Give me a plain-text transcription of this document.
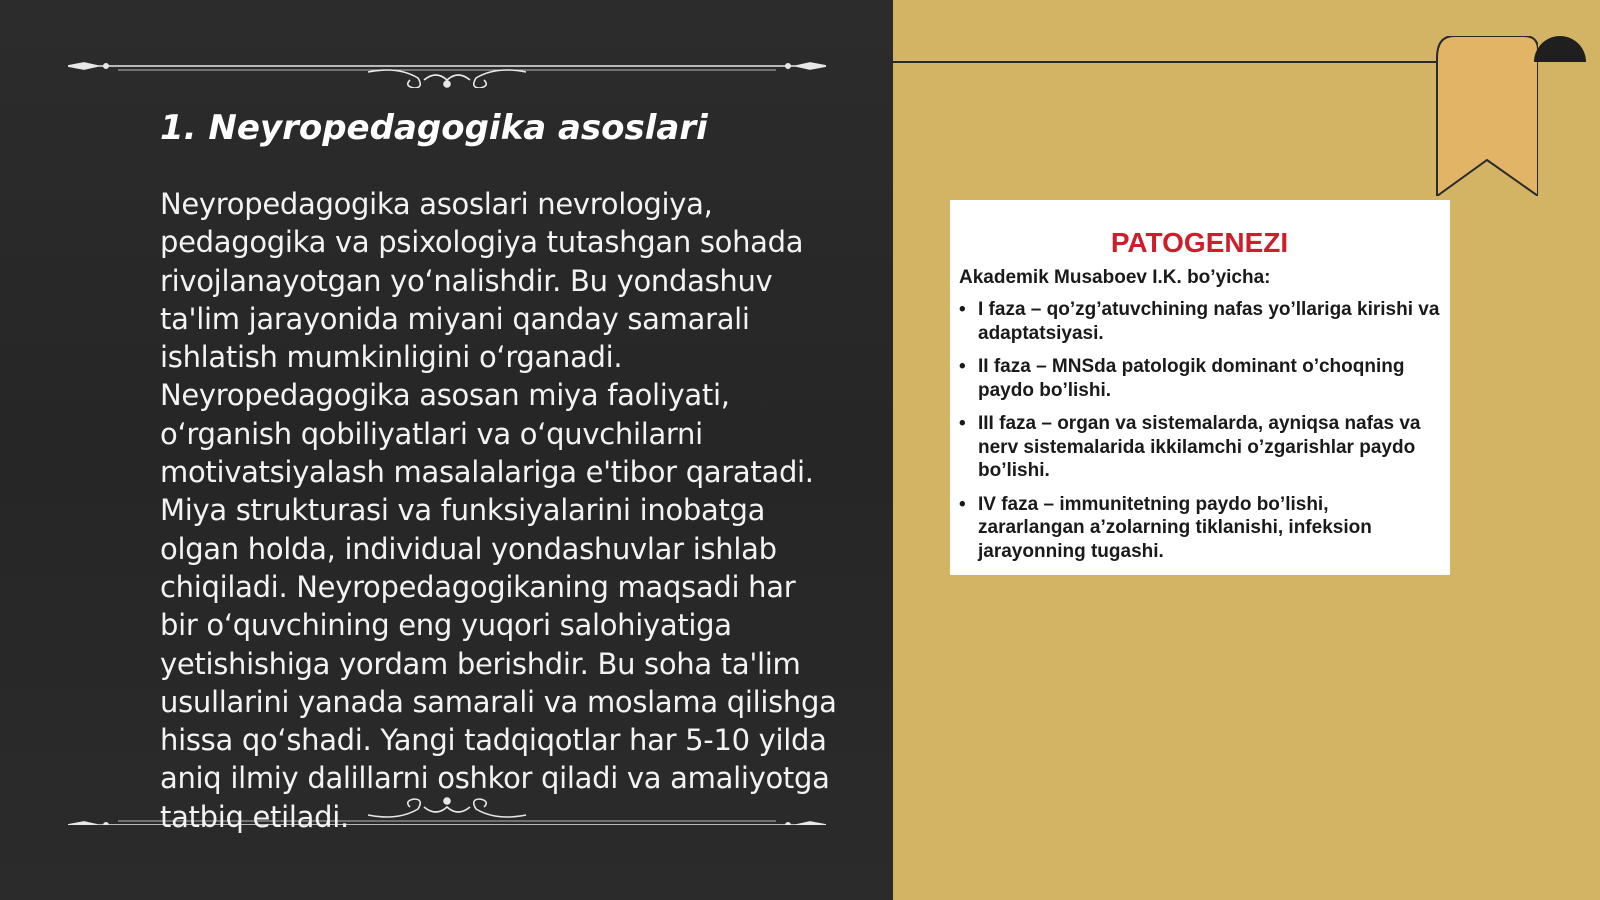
1. Neyropedagogika asoslari

Neyropedagogika asoslari nevrologiya, pedagogika va psixologiya tutashgan sohada rivojlanayotgan yo‘nalishdir. Bu yondashuv ta'lim jarayonida miyani qanday samarali ishlatish mumkinligini o‘rganadi. Neyropedagogika asosan miya faoliyati, o‘rganish qobiliyatlari va o‘quvchilarni motivatsiyalash masalalariga e'tibor qaratadi. Miya strukturasi va funksiyalarini inobatga olgan holda, individual yondashuvlar ishlab chiqiladi. Neyropedagogikaning maqsadi har bir o‘quvchining eng yuqori salohiyatiga yetishishiga yordam berishdir. Bu soha ta'lim usullarini yanada samarali va moslama qilishga hissa qo‘shadi. Yangi tadqiqotlar har 5-10 yilda aniq ilmiy dalillarni oshkor qiladi va amaliyotga tatbiq etiladi.

PATOGENEZI
Akademik Musaboev I.K. bo’yicha:
• I faza – qo’zg’atuvchining nafas yo’llariga kirishi va adaptatsiyasi.
• II faza – MNSda patologik dominant o’choqning paydo bo’lishi.
• III faza – organ va sistemalarda, ayniqsa nafas va nerv sistemalarida ikkilamchi o’zgarishlar paydo bo’lishi.
• IV faza – immunitetning paydo bo’lishi, zararlangan a’zolarning tiklanishi, infeksion jarayonning tugashi.
